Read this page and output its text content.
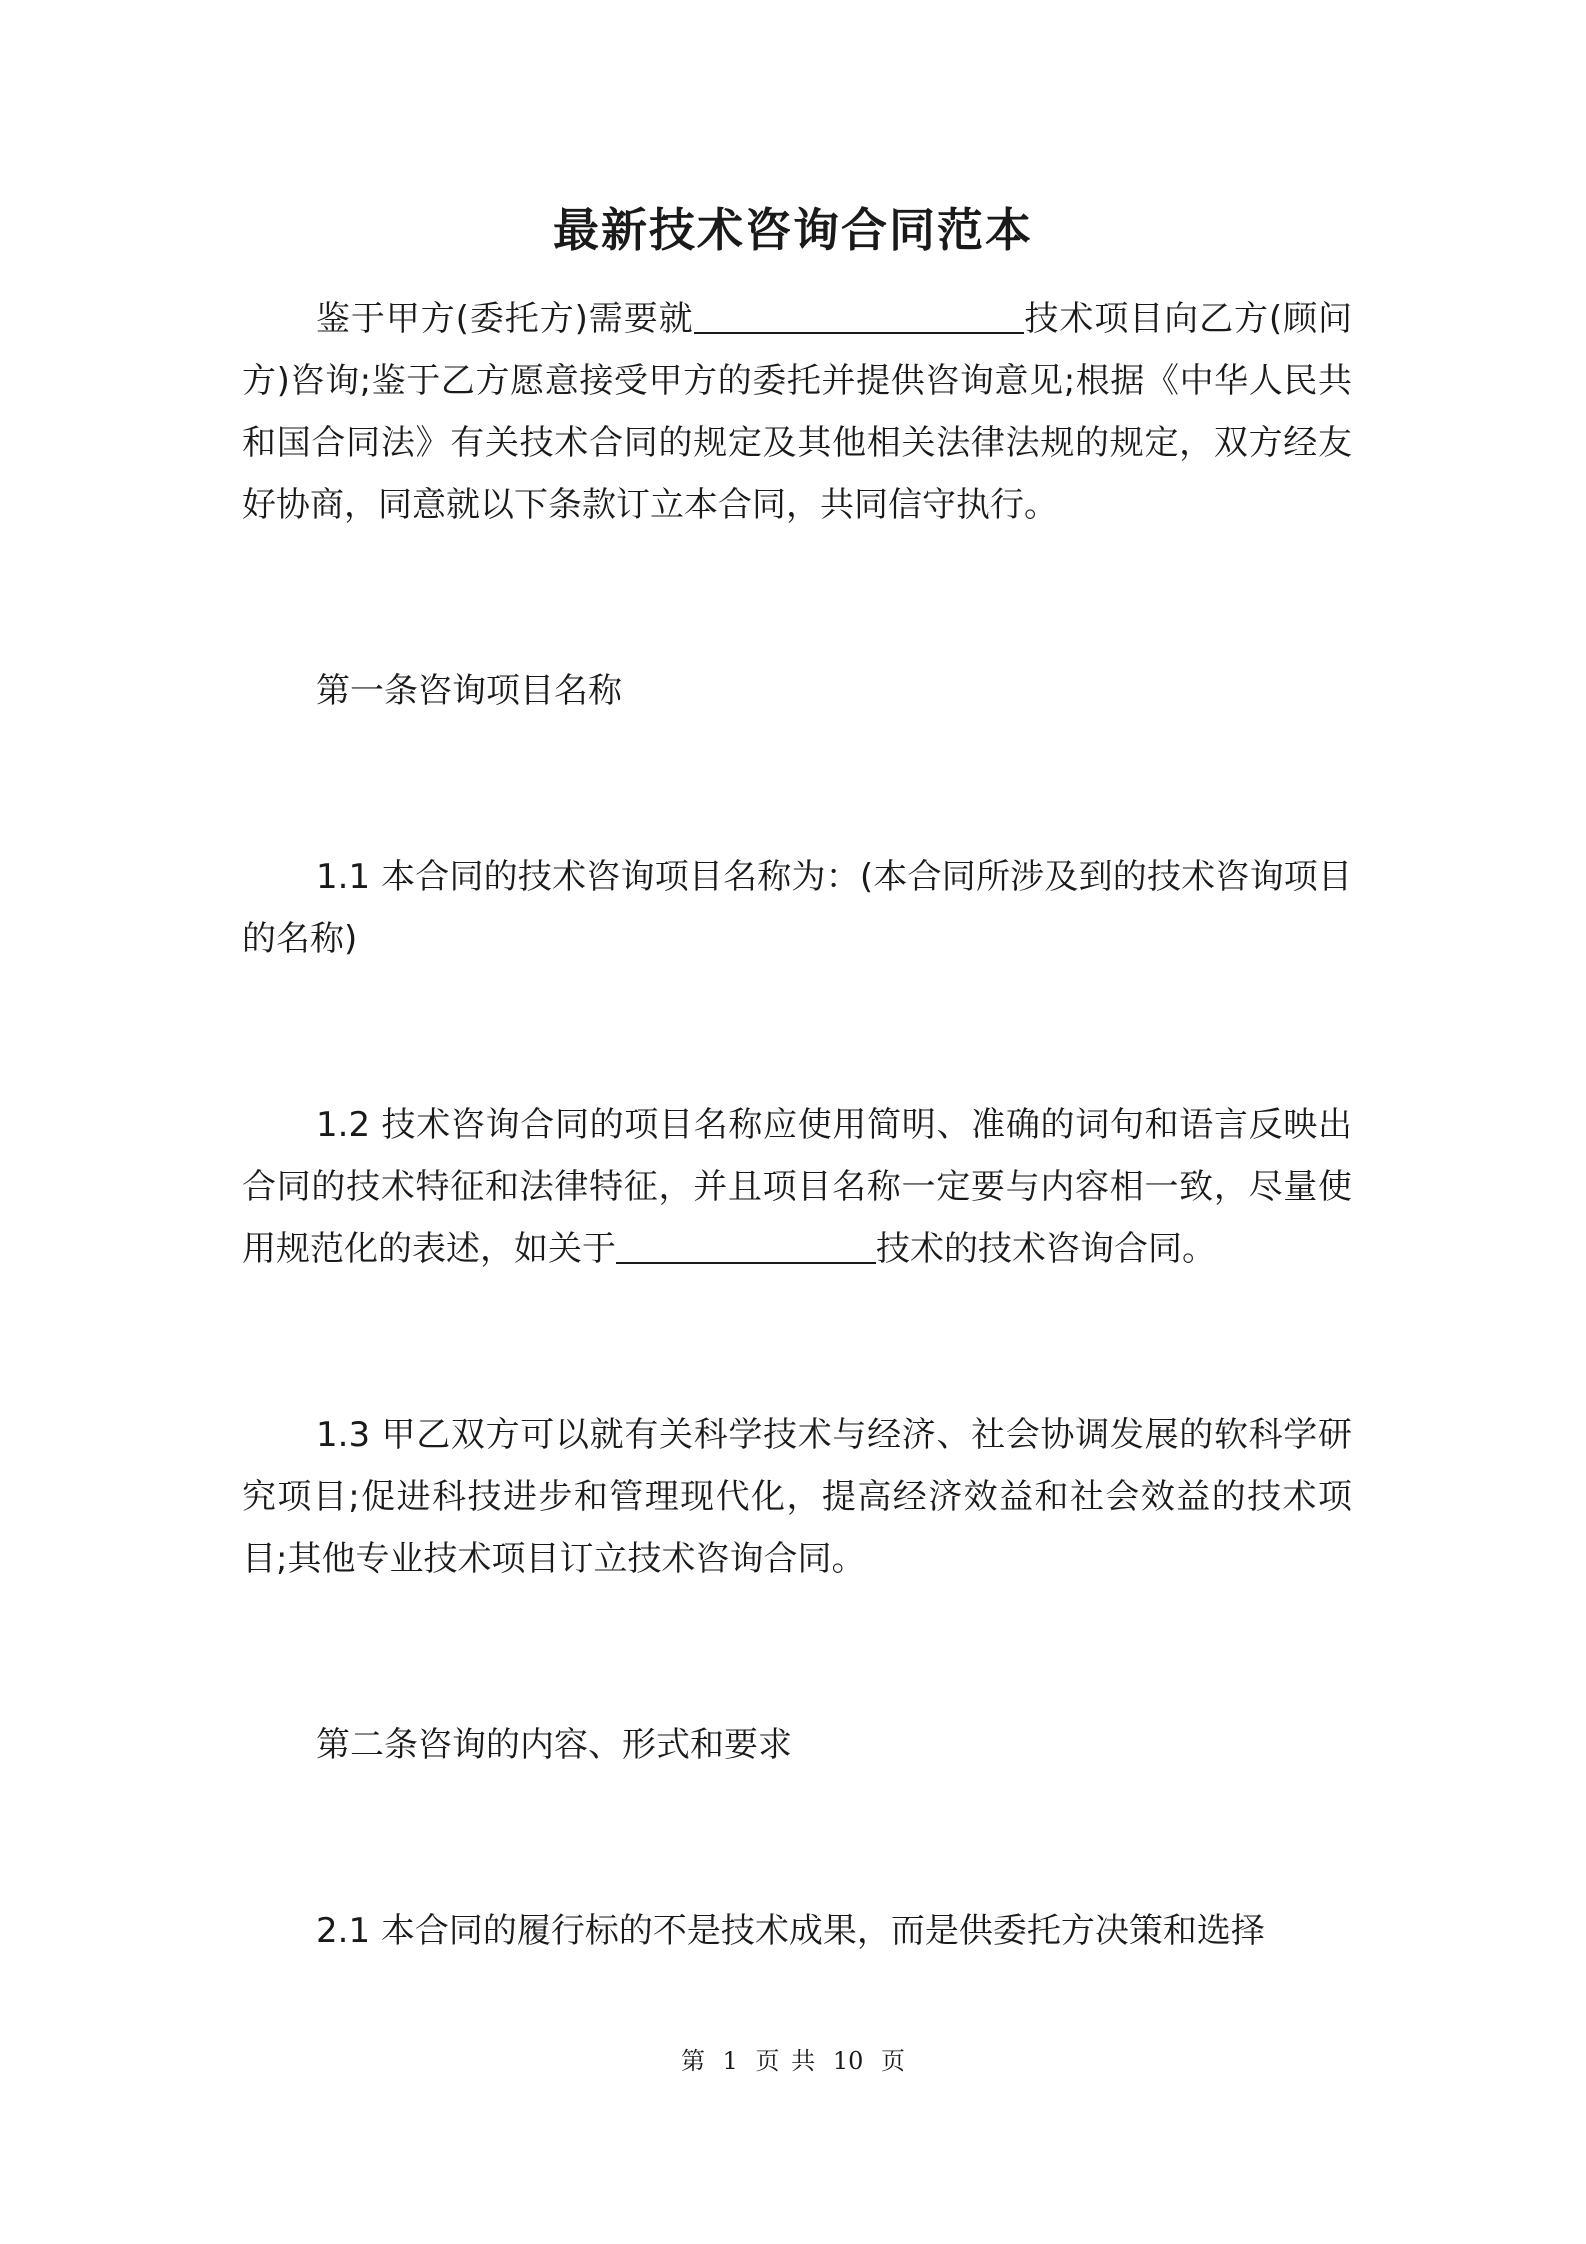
最新技术咨询合同范本

鉴于甲方(委托方)需要就	技术项目向乙方(顾问方)咨询;鉴于乙方愿意接受甲方的委托并提供咨询意见;根据《中华人民共和国合同法》有关技术合同的规定及其他相关法律法规的规定，双方经友好协商，同意就以下条款订立本合同，共同信守执行。

第一条咨询项目名称

1.1 本合同的技术咨询项目名称为：(本合同所涉及到的技术咨询项目的名称)

1.2 技术咨询合同的项目名称应使用简明、准确的词句和语言反映出合同的技术特征和法律特征，并且项目名称一定要与内容相一致，尽量使用规范化的表述，如关于	技术的技术咨询合同。

1.3 甲乙双方可以就有关科学技术与经济、社会协调发展的软科学研究项目;促进科技进步和管理现代化，提高经济效益和社会效益的技术项目;其他专业技术项目订立技术咨询合同。

第二条咨询的内容、形式和要求

2.1 本合同的履行标的不是技术成果，而是供委托方决策和选择

第 1 页 共 10 页
